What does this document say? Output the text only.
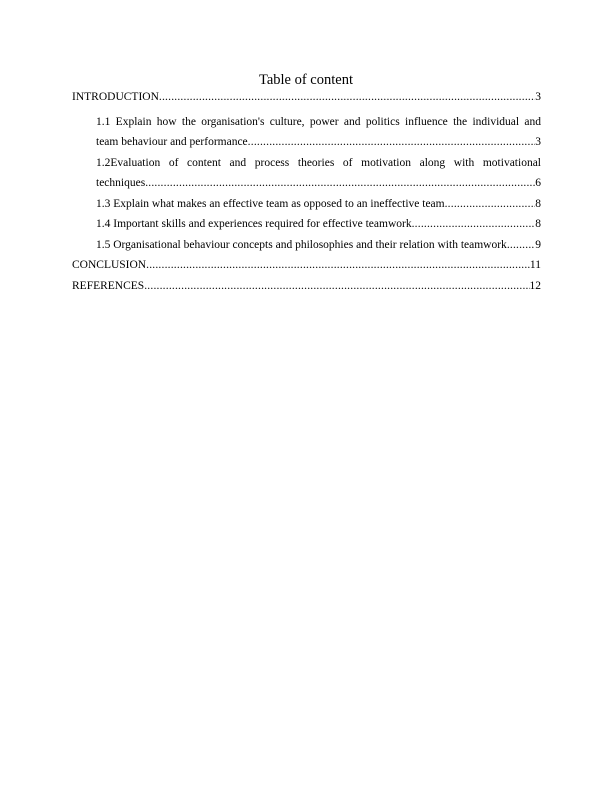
Table of content
INTRODUCTION .....	3
1.1 Explain how the organisation's culture, power and politics influence the individual and
team behaviour and performance .....	3
1.2Evaluation of content and process theories of motivation along with motivational
techniques .....	6
1.3 Explain what makes an effective team as opposed to an ineffective team .....	8
1.4 Important skills and experiences required for effective teamwork .....	8
1.5 Organisational behaviour concepts and philosophies and their relation with teamwork ..... 9
CONCLUSION .....	11
REFERENCES .....	12
